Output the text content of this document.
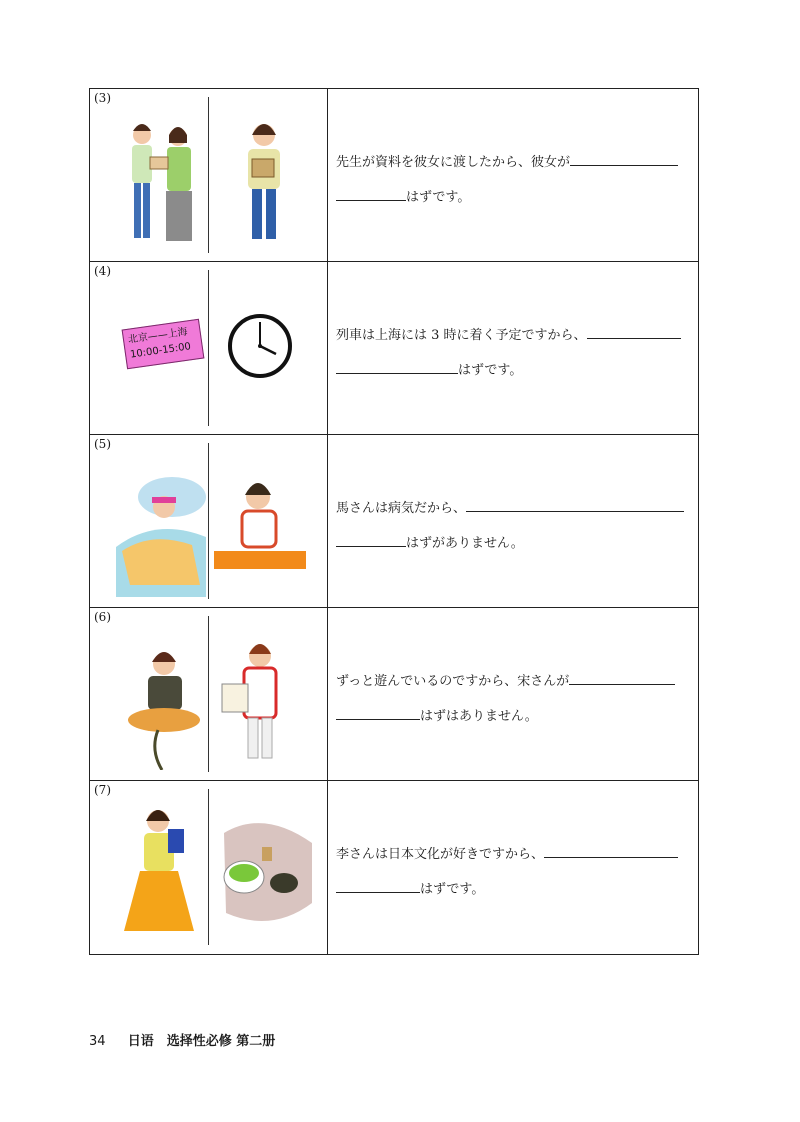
(3)
先生が資料を彼女に渡したから、彼女が
はずです。
(4)
北京——上海
10:00-15:00
列車は上海には 3 時に着く予定ですから、
はずです。
(5)
馬さんは病気だから、
はずがありません。
(6)
ずっと遊んでいるのですから、宋さんが
はずはありません。
(7)
李さんは日本文化が好きですから、
はずです。
34 日语　选择性必修 第二册
